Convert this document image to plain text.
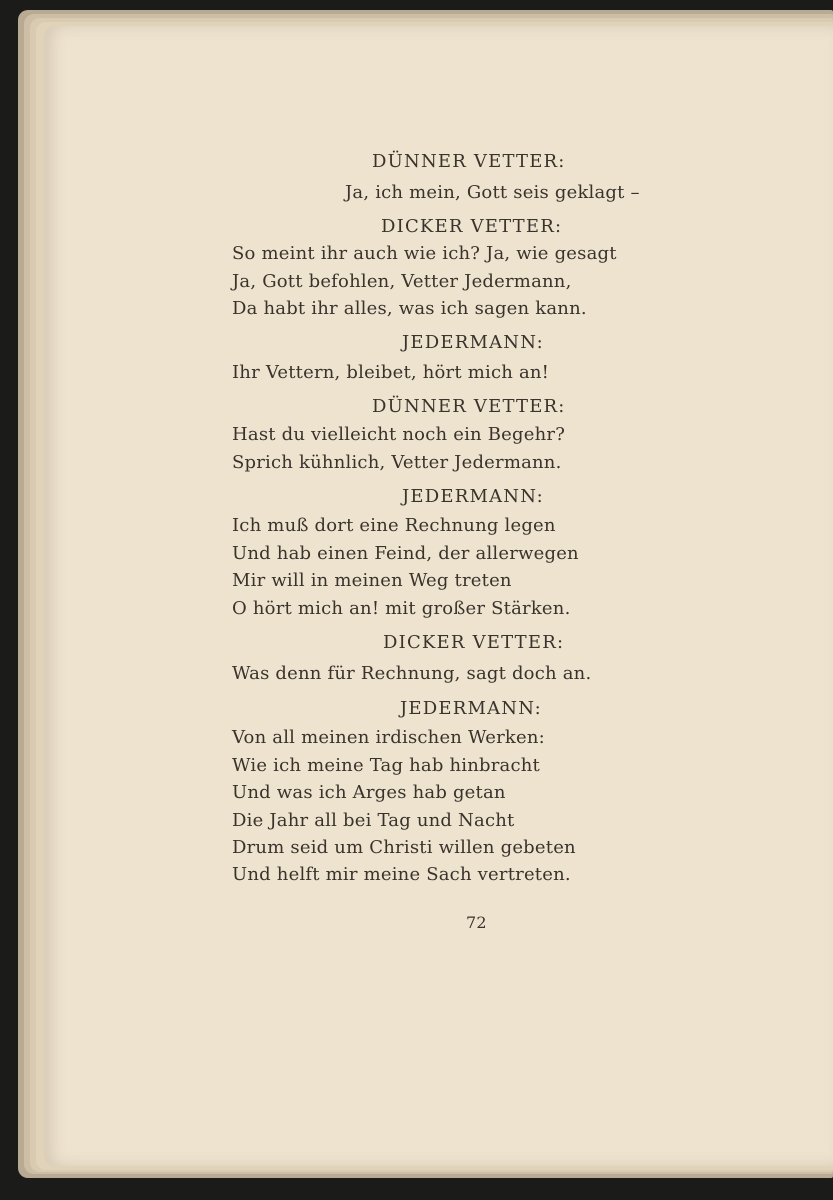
DÜNNER VETTER:
Ja, ich mein, Gott seis geklagt –
DICKER VETTER:
So meint ihr auch wie ich? Ja, wie gesagt
Ja, Gott befohlen, Vetter Jedermann,
Da habt ihr alles, was ich sagen kann.
JEDERMANN:
Ihr Vettern, bleibet, hört mich an!
DÜNNER VETTER:
Hast du vielleicht noch ein Begehr?
Sprich kühnlich, Vetter Jedermann.
JEDERMANN:
Ich muß dort eine Rechnung legen
Und hab einen Feind, der allerwegen
Mir will in meinen Weg treten
O hört mich an! mit großer Stärken.
DICKER VETTER:
Was denn für Rechnung, sagt doch an.
JEDERMANN:
Von all meinen irdischen Werken:
Wie ich meine Tag hab hinbracht
Und was ich Arges hab getan
Die Jahr all bei Tag und Nacht
Drum seid um Christi willen gebeten
Und helft mir meine Sach vertreten.
72
